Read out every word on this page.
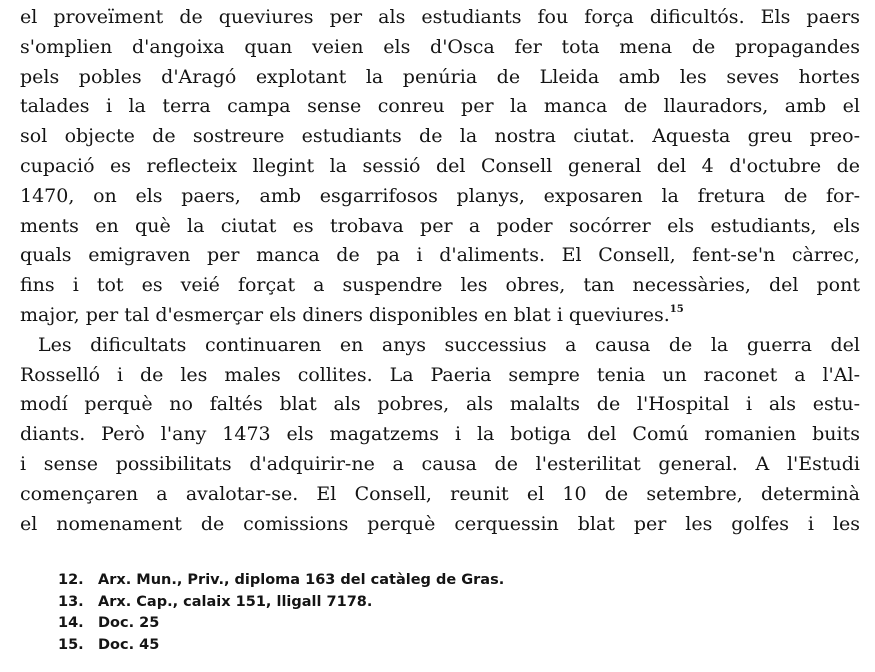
el proveïment de queviures per als estudiants fou força dificultós. Els paers
s'omplien d'angoixa quan veien els d'Osca fer tota mena de propagandes
pels pobles d'Aragó explotant la penúria de Lleida amb les seves hortes
talades i la terra campa sense conreu per la manca de llauradors, amb el
sol objecte de sostreure estudiants de la nostra ciutat. Aquesta greu preo-
cupació es reflecteix llegint la sessió del Consell general del 4 d'octubre de
1470, on els paers, amb esgarrifosos planys, exposaren la fretura de for-
ments en què la ciutat es trobava per a poder socórrer els estudiants, els
quals emigraven per manca de pa i d'aliments. El Consell, fent-se'n càrrec,
fins i tot es veié forçat a suspendre les obres, tan necessàries, del pont
major, per tal d'esmerçar els diners disponibles en blat i queviures.$^{15}$
Les dificultats continuaren en anys successius a causa de la guerra del
Rosselló i de les males collites. La Paeria sempre tenia un raconet a l'Al-
modí perquè no faltés blat als pobres, als malalts de l'Hospital i als estu-
diants. Però l'any 1473 els magatzems i la botiga del Comú romanien buits
i sense possibilitats d'adquirir-ne a causa de l'esterilitat general. A l'Estudi
començaren a avalotar-se. El Consell, reunit el 10 de setembre, determinà
el nomenament de comissions perquè cerquessin blat per les golfes i les
12. Arx. Mun., Priv., diploma 163 del catàleg de Gras.
13. Arx. Cap., calaix 151, lligall 7178.
14. Doc. 25
15. Doc. 45
